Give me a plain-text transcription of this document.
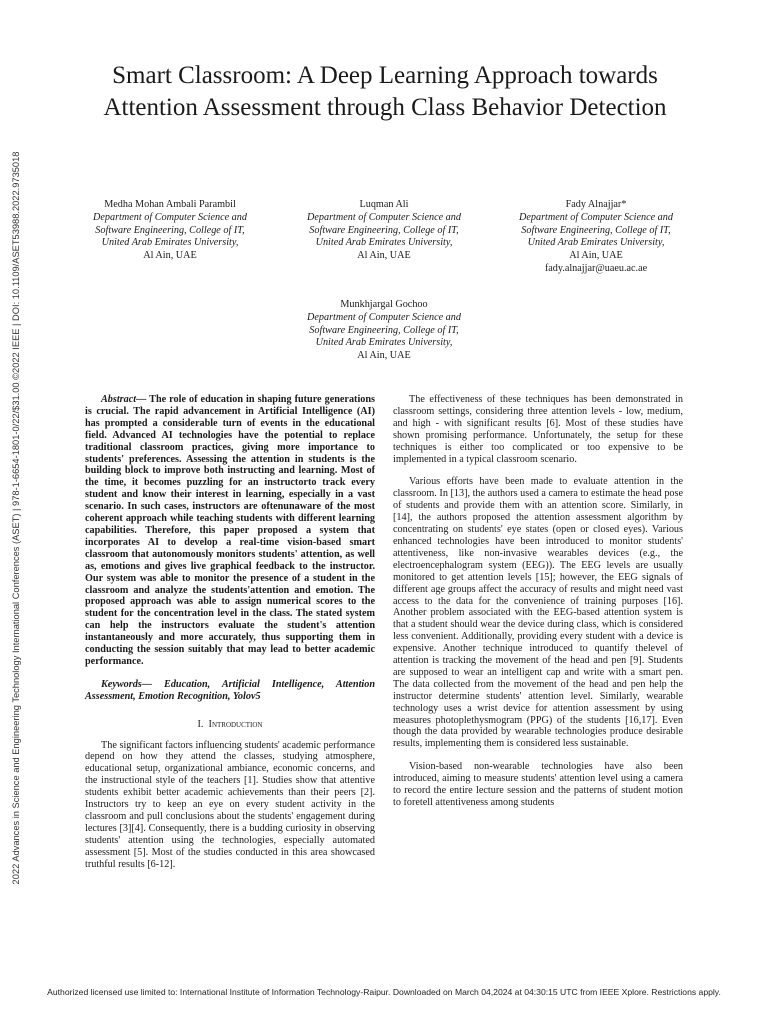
2022 Advances in Science and Engineering Technology International Conferences (ASET) | 978-1-6654-1801-0/22/$31.00 ©2022 IEEE | DOI: 10.1109/ASET53988.2022.9735018
Smart Classroom: A Deep Learning Approach towards Attention Assessment through Class Behavior Detection
Medha Mohan Ambali Parambil
Department of Computer Science and
Software Engineering, College of IT,
United Arab Emirates University,
Al Ain, UAE
Luqman Ali
Department of Computer Science and
Software Engineering, College of IT,
United Arab Emirates University,
Al Ain, UAE
Fady Alnajjar*
Department of Computer Science and
Software Engineering, College of IT,
United Arab Emirates University,
Al Ain, UAE
fady.alnajjar@uaeu.ac.ae
Munkhjargal Gochoo
Department of Computer Science and
Software Engineering, College of IT,
United Arab Emirates University,
Al Ain, UAE

Abstract— The role of education in shaping future generations is crucial. The rapid advancement in Artificial Intelligence (AI) has prompted a considerable turn of events in the educational field. Advanced AI technologies have the potential to replace traditional classroom practices, giving more importance to students' preferences. Assessing the attention in students is the building block to improve both instructing and learning. Most of the time, it becomes puzzling for an instructorto track every student and know their interest in learning, especially in a vast scenario. In such cases, instructors are oftenunaware of the most coherent approach while teaching students with different learning capabilities. Therefore, this paper proposed a system that incorporates AI to develop a real-time vision-based smart classroom that autonomously monitors students' attention, as well as, emotions and gives live graphical feedback to the instructor. Our system was able to monitor the presence of a student in the classroom and analyze the students'attention and emotion. The proposed approach was able to assign numerical scores to the student for the concentration level in the class. The stated system can help the instructors evaluate the student's attention instantaneously and more accurately, thus supporting them in conducting the session suitably that may lead to better academic performance.

Keywords— Education, Artificial Intelligence, Attention Assessment, Emotion Recognition, Yolov5

I. Introduction

The significant factors influencing students' academic performance depend on how they attend the classes, studying atmosphere, educational setup, organizational ambiance, economic concerns, and the instructional style of the teachers [1]. Studies show that attentive students exhibit better academic achievements than their peers [2]. Instructors try to keep an eye on every student activity in the classroom and pull conclusions about the students' engagement during lectures [3][4]. Consequently, there is a budding curiosity in observing students' attention using the technologies, especially automated assessment [5]. Most of the studies conducted in this area showcased truthful results [6-12].

The effectiveness of these techniques has been demonstrated in classroom settings, considering three attention levels - low, medium, and high - with significant results [6]. Most of these studies have shown promising performance. Unfortunately, the setup for these techniques is either too complicated or too expensive to be implemented in a typical classroom scenario.

Various efforts have been made to evaluate attention in the classroom. In [13], the authors used a camera to estimate the head pose of students and provide them with an attention score. Similarly, in [14], the authors proposed the attention assessment algorithm by concentrating on students' eye states (open or closed eyes). Various enhanced technologies have been introduced to monitor students' attentiveness, like non-invasive wearables devices (e.g., the electroencephalogram system (EEG)). The EEG levels are usually monitored to get attention levels [15]; however, the EEG signals of different age groups affect the accuracy of results and might need vast access to the data for the convenience of training purposes [16]. Another problem associated with the EEG-based attention system is that a student should wear the device during class, which is considered less convenient. Additionally, providing every student with a device is expensive. Another technique introduced to quantify thelevel of attention is tracking the movement of the head and pen [9]. Students are supposed to wear an intelligent cap and write with a smart pen. The data collected from the movement of the head and pen help the instructor determine students' attention level. Similarly, wearable technology uses a wrist device for attention assessment by using measures photoplethysmogram (PPG) of the students [16,17]. Even though the data provided by wearable technologies produce desirable results, implementing them is considered less sustainable.

Vision-based non-wearable technologies have also been introduced, aiming to measure students' attention level using a camera to record the entire lecture session and the patterns of student motion to foretell attentiveness among students

Authorized licensed use limited to: International Institute of Information Technology-Raipur. Downloaded on March 04,2024 at 04:30:15 UTC from IEEE Xplore. Restrictions apply.
